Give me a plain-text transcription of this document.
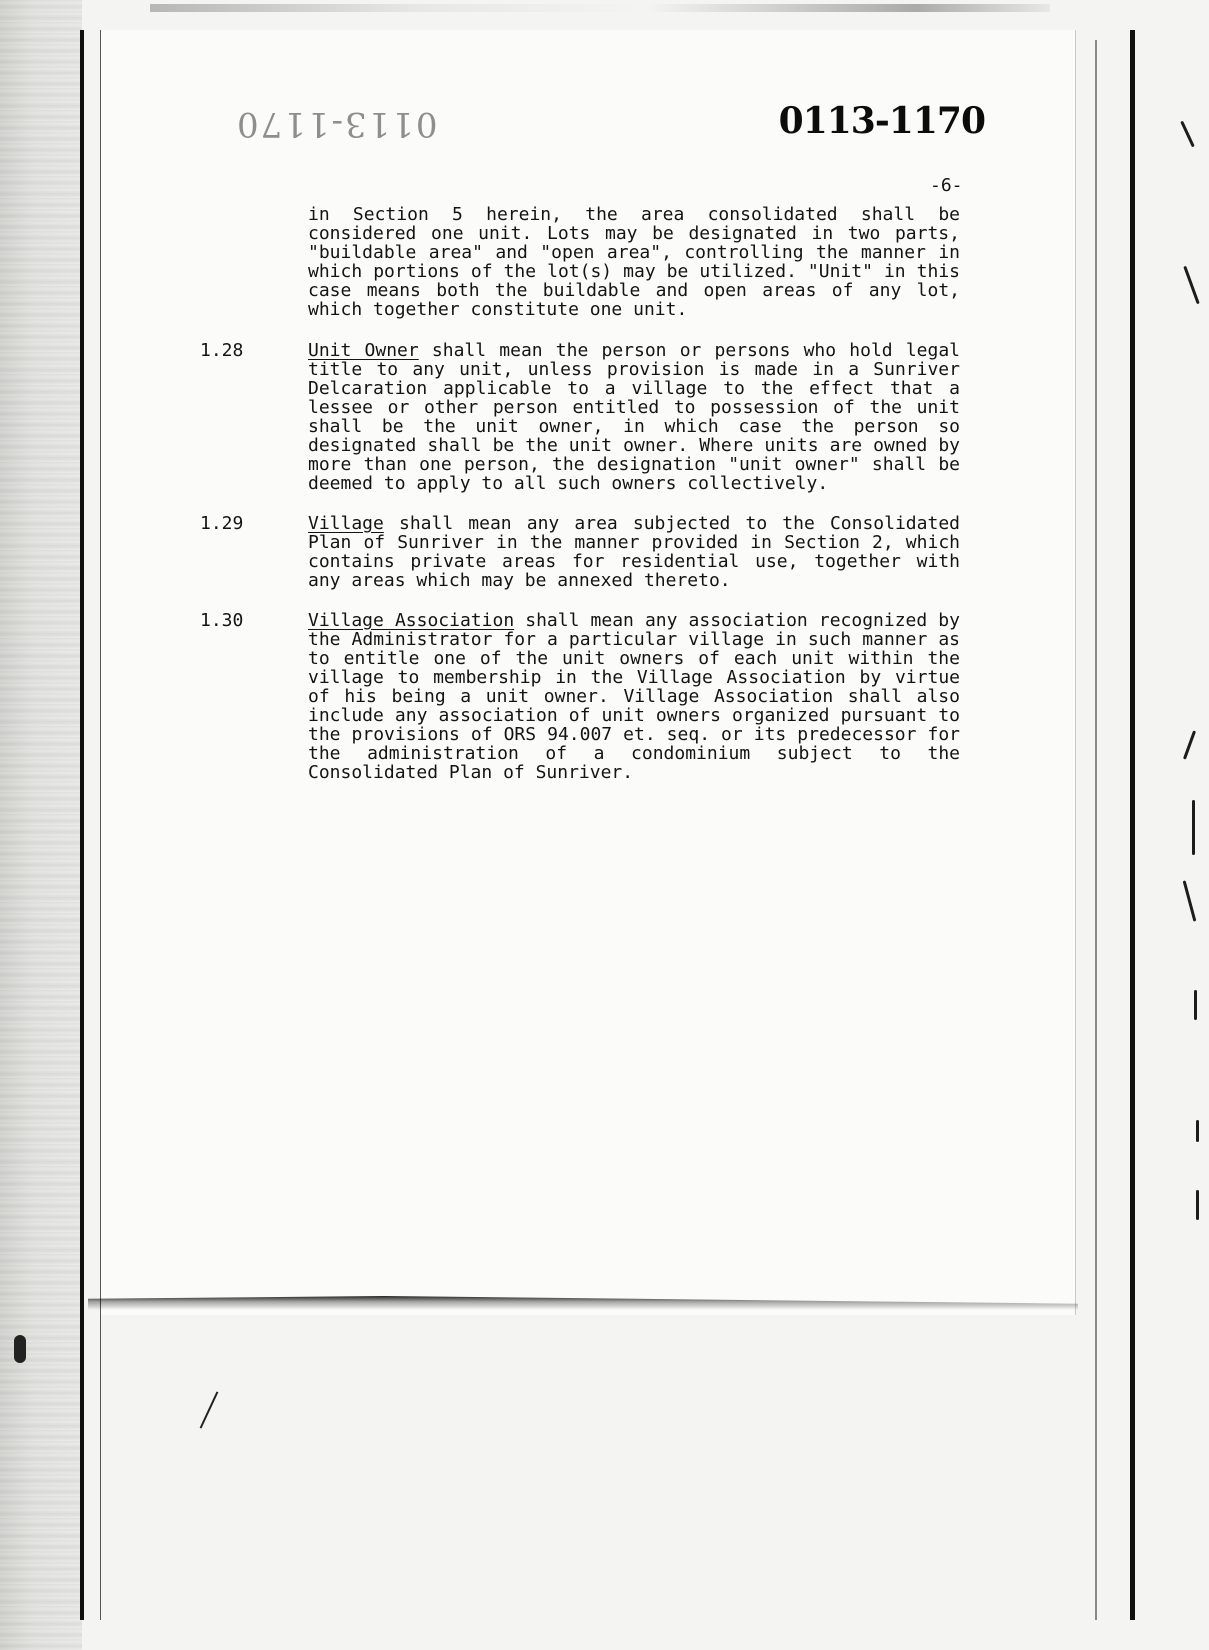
0113-1170	0113-1170
-6-

in Section 5 herein, the area consolidated shall be considered one unit. Lots may be designated in two parts, "buildable area" and "open area", controlling the manner in which portions of the lot(s) may be utilized. "Unit" in this case means both the buildable and open areas of any lot, which together constitute one unit.

1.28	Unit Owner shall mean the person or persons who hold legal title to any unit, unless provision is made in a Sunriver Delcaration applicable to a village to the effect that a lessee or other person entitled to possession of the unit shall be the unit owner, in which case the person so designated shall be the unit owner. Where units are owned by more than one person, the designation "unit owner" shall be deemed to apply to all such owners collectively.

1.29	Village shall mean any area subjected to the Consolidated Plan of Sunriver in the manner provided in Section 2, which contains private areas for residential use, together with any areas which may be annexed thereto.

1.30	Village Association shall mean any association recognized by the Administrator for a particular village in such manner as to entitle one of the unit owners of each unit within the village to membership in the Village Association by virtue of his being a unit owner. Village Association shall also include any association of unit owners organized pursuant to the provisions of ORS 94.007 et. seq. or its predecessor for the administration of a condominium subject to the Consolidated Plan of Sunriver.
